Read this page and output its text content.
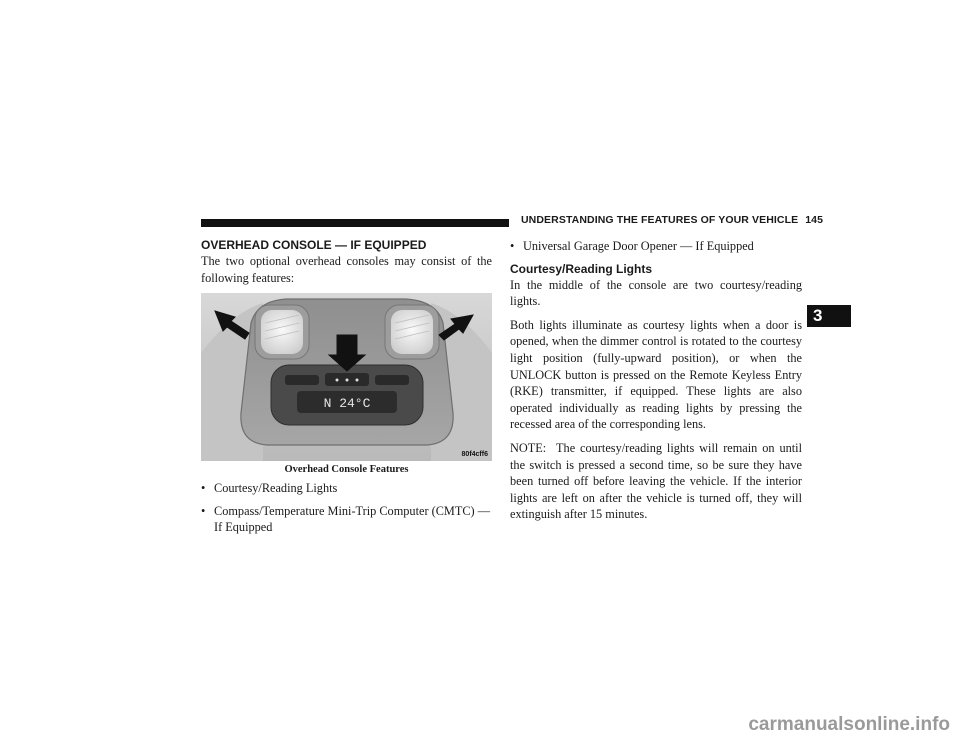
UNDERSTANDING THE FEATURES OF YOUR VEHICLE 145
OVERHEAD CONSOLE — IF EQUIPPED

The two optional overhead consoles may consist of the following features:

N 24°C
80f4cff6
Overhead Console Features
• Courtesy/Reading Lights
• Compass/Temperature Mini-Trip Computer (CMTC) — If Equipped
• Universal Garage Door Opener — If Equipped
Courtesy/Reading Lights

In the middle of the console are two courtesy/reading lights.

Both lights illuminate as courtesy lights when a door is opened, when the dimmer control is rotated to the courtesy light position (fully-upward position), or when the UNLOCK button is pressed on the Remote Keyless Entry (RKE) transmitter, if equipped. These lights are also operated individually as reading lights by pressing the recessed area of the corresponding lens.

NOTE: The courtesy/reading lights will remain on until the switch is pressed a second time, so be sure they have been turned off before leaving the vehicle. If the interior lights are left on after the vehicle is turned off, they will extinguish after 15 minutes.

3
carmanualsonline.info
